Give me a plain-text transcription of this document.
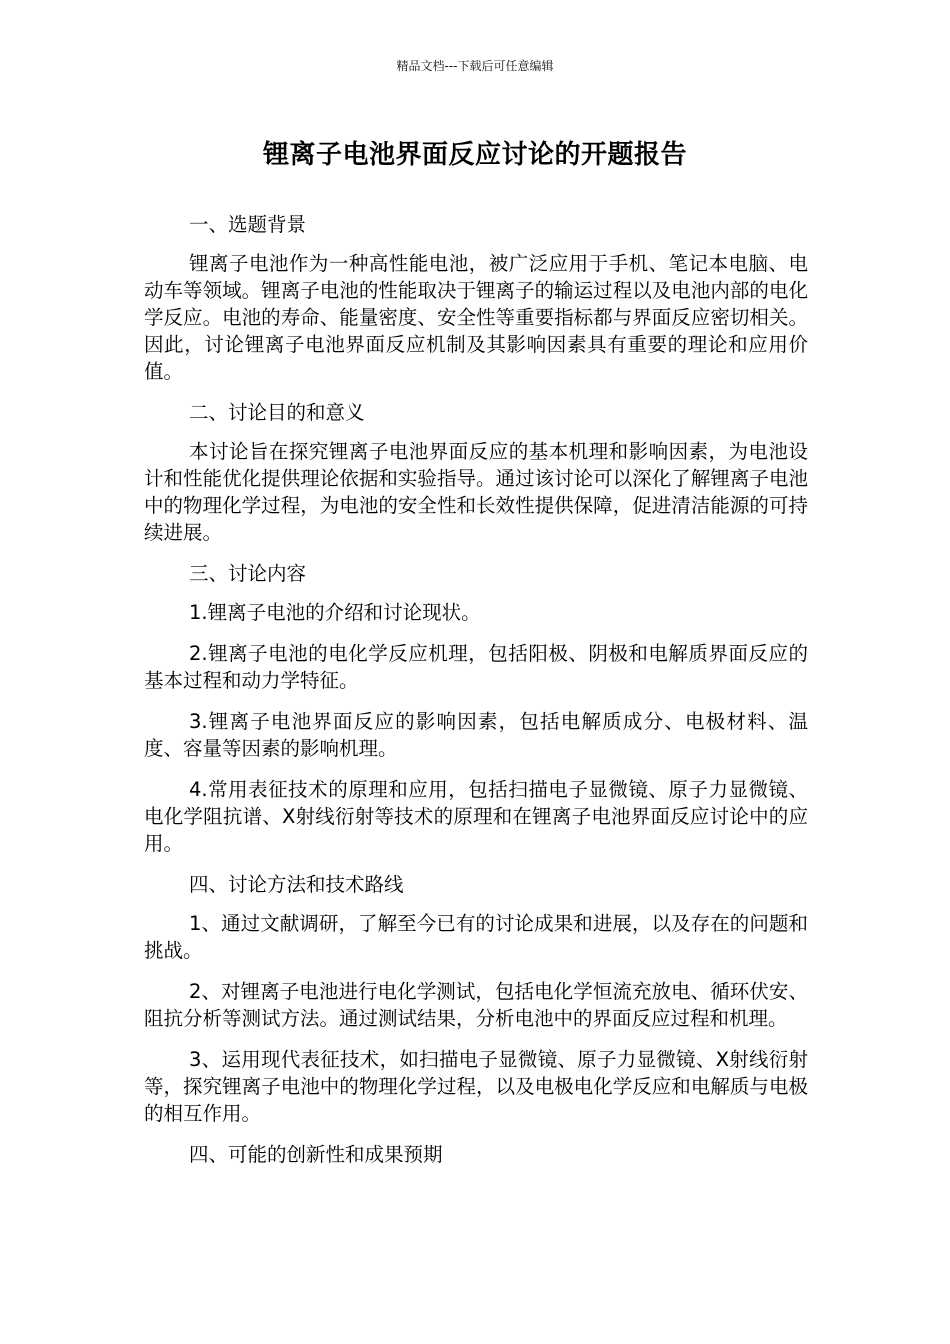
精品文档---下载后可任意编辑
锂离子电池界面反应讨论的开题报告

一、选题背景

锂离子电池作为一种高性能电池，被广泛应用于手机、笔记本电脑、电动车等领域。锂离子电池的性能取决于锂离子的输运过程以及电池内部的电化学反应。电池的寿命、能量密度、安全性等重要指标都与界面反应密切相关。因此，讨论锂离子电池界面反应机制及其影响因素具有重要的理论和应用价值。

二、讨论目的和意义

本讨论旨在探究锂离子电池界面反应的基本机理和影响因素，为电池设计和性能优化提供理论依据和实验指导。通过该讨论可以深化了解锂离子电池中的物理化学过程，为电池的安全性和长效性提供保障，促进清洁能源的可持续进展。

三、讨论内容

1.锂离子电池的介绍和讨论现状。

2.锂离子电池的电化学反应机理，包括阳极、阴极和电解质界面反应的基本过程和动力学特征。

3.锂离子电池界面反应的影响因素，包括电解质成分、电极材料、温度、容量等因素的影响机理。

4.常用表征技术的原理和应用，包括扫描电子显微镜、原子力显微镜、电化学阻抗谱、X射线衍射等技术的原理和在锂离子电池界面反应讨论中的应用。

四、讨论方法和技术路线

1、通过文献调研，了解至今已有的讨论成果和进展，以及存在的问题和挑战。

2、对锂离子电池进行电化学测试，包括电化学恒流充放电、循环伏安、阻抗分析等测试方法。通过测试结果，分析电池中的界面反应过程和机理。

3、运用现代表征技术，如扫描电子显微镜、原子力显微镜、X射线衍射等，探究锂离子电池中的物理化学过程，以及电极电化学反应和电解质与电极的相互作用。

四、可能的创新性和成果预期
